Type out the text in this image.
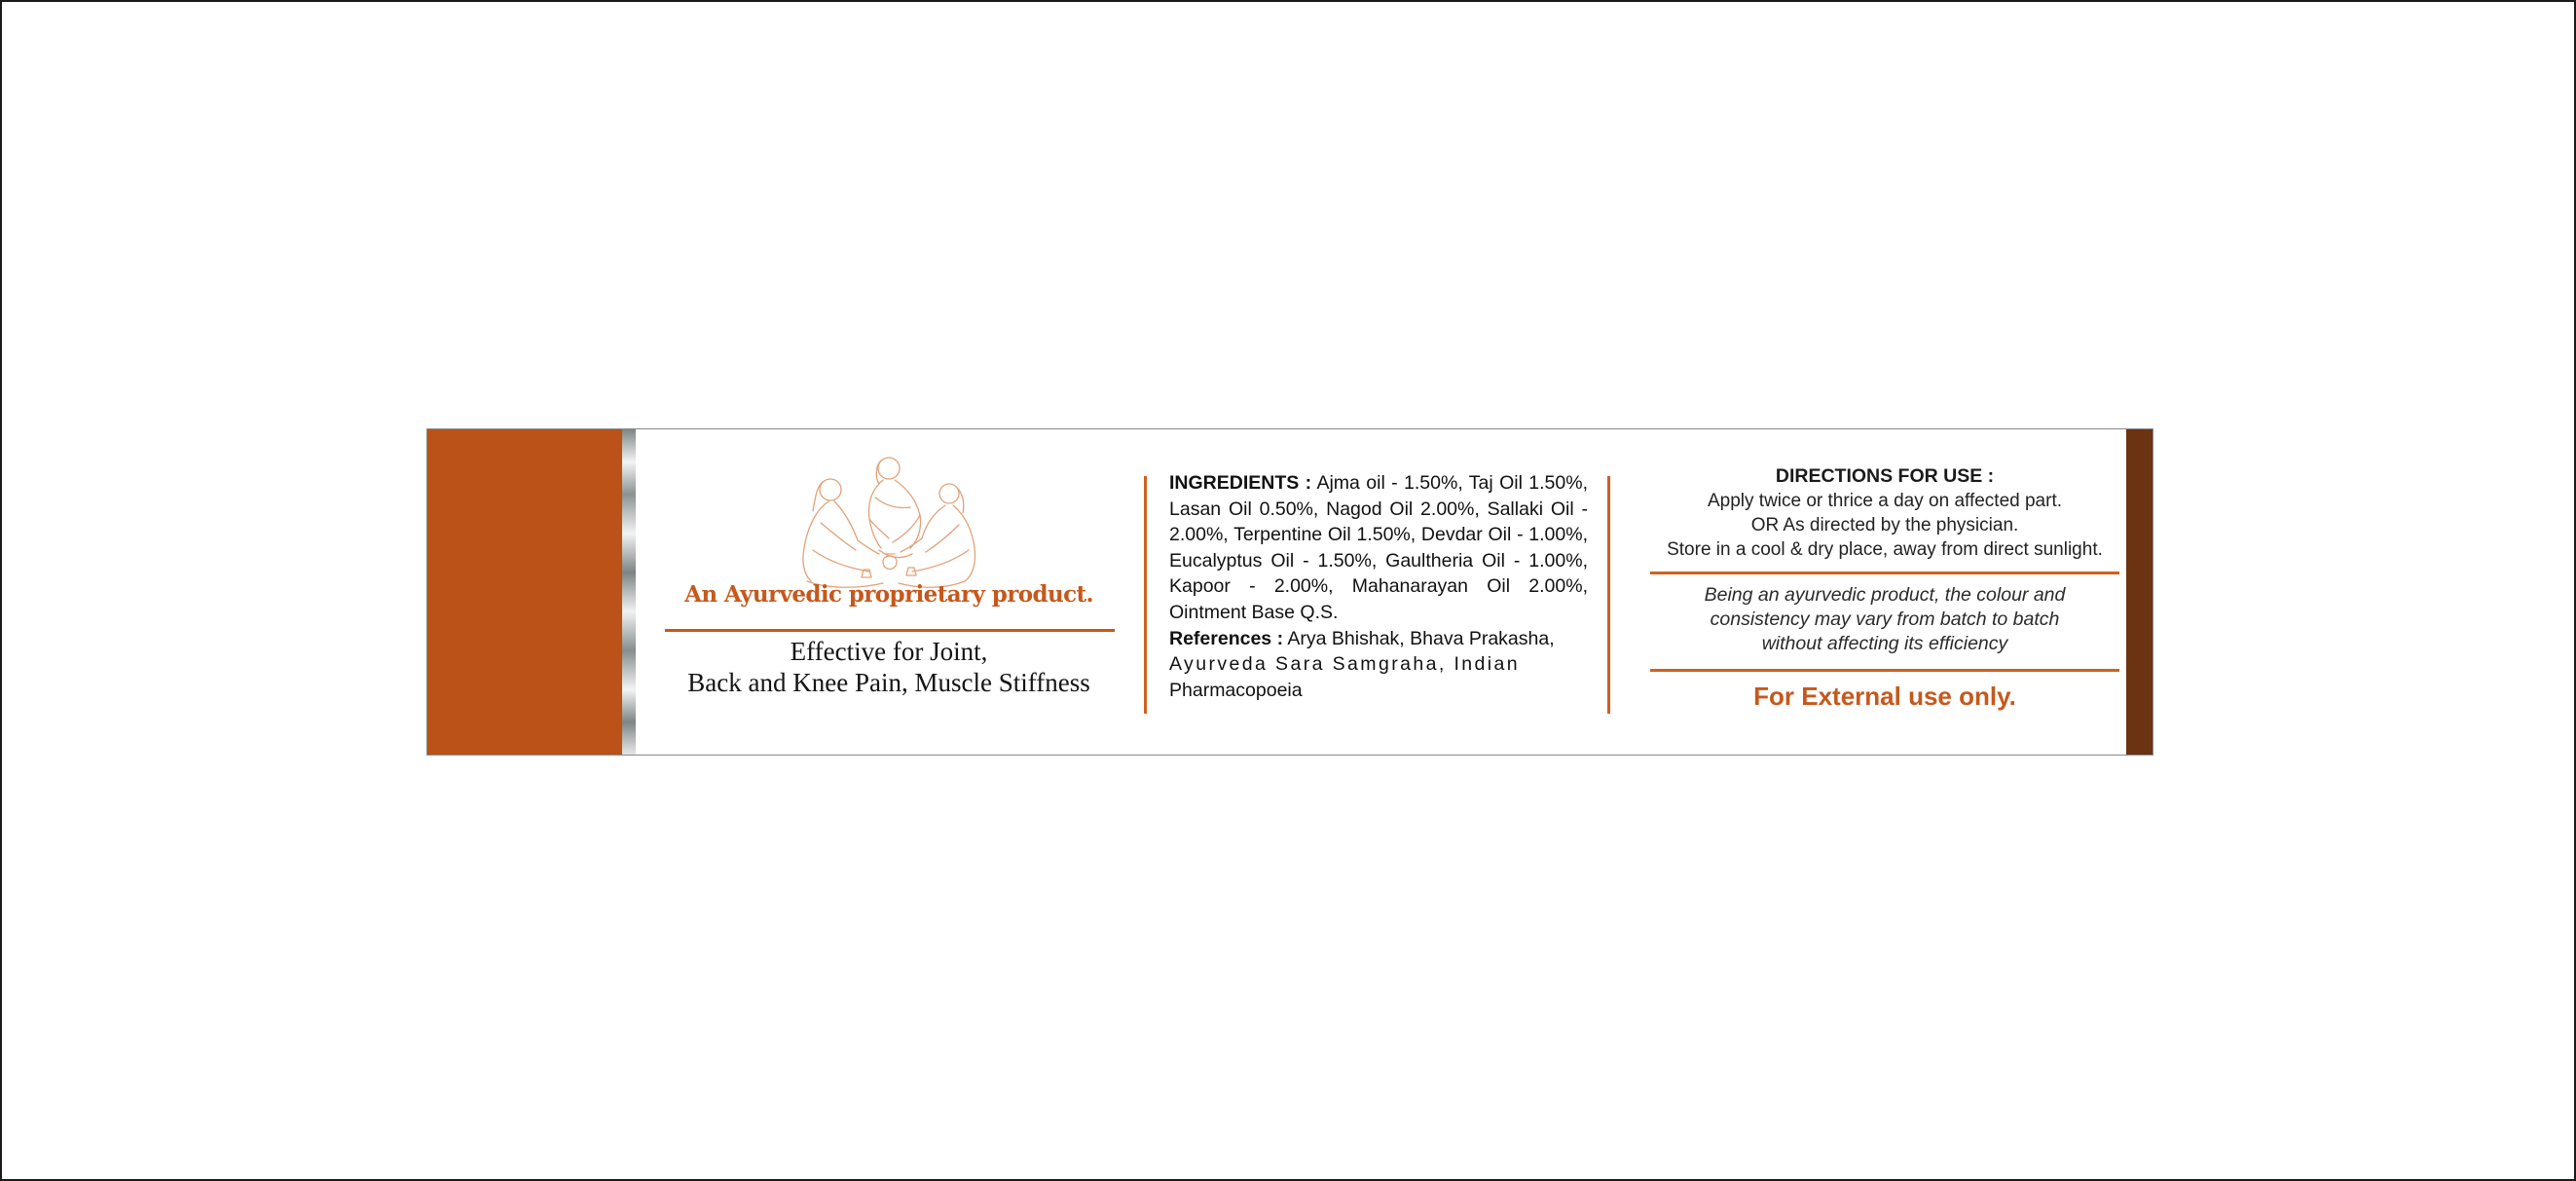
An Ayurvedic proprietary product.
Effective for Joint,
Back and Knee Pain, Muscle Stiffness
INGREDIENTS : Ajma oil - 1.50%, Taj Oil 1.50%, Lasan Oil 0.50%, Nagod Oil 2.00%, Sallaki Oil - 2.00%, Terpentine Oil 1.50%, Devdar Oil - 1.00%, Eucalyptus Oil - 1.50%, Gaultheria Oil - 1.00%, Kapoor - 2.00%, Mahanarayan Oil 2.00%, Ointment Base Q.S.
References : Arya Bhishak, Bhava Prakasha,
Ayurveda Sara Samgraha, Indian
Pharmacopoeia
DIRECTIONS FOR USE :
Apply twice or thrice a day on affected part.
OR As directed by the physician.
Store in a cool & dry place, away from direct sunlight.
Being an ayurvedic product, the colour and
consistency may vary from batch to batch
without affecting its efficiency
For External use only.
